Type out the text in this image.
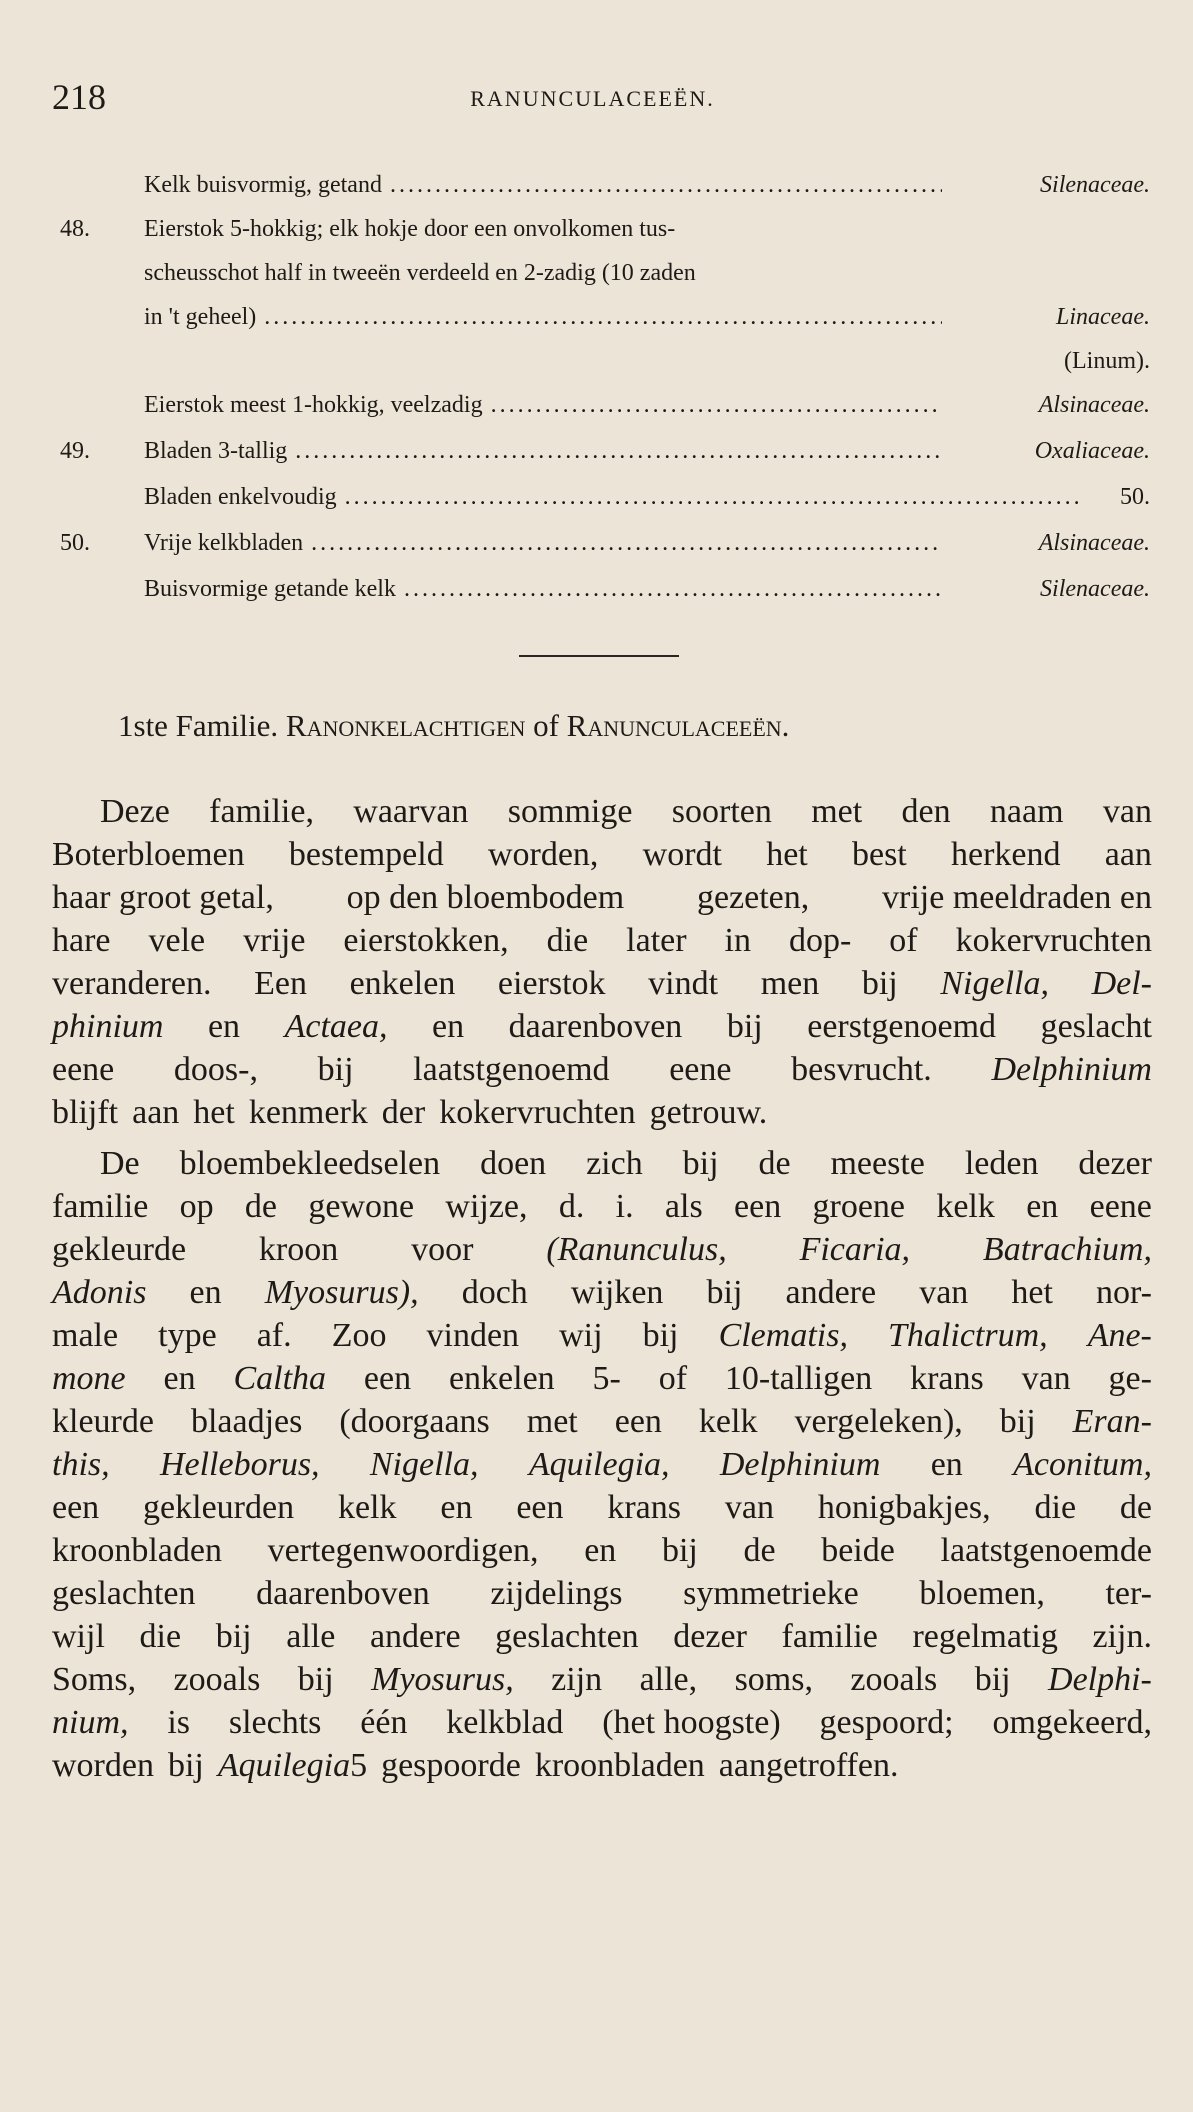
218	RANUNCULACEEËN.
Kelk buisvormig, getand .....	Silenaceae.
48.	Eierstok 5-hokkig; elk hokje door een onvolkomen tus-
scheusschot half in tweeën verdeeld en 2-zadig (10 zaden
in 't geheel) .....	Linaceae.
(Linum).
Eierstok meest 1-hokkig, veelzadig .....	Alsinaceae.
49.	Bladen 3-tallig .....	Oxaliaceae.
Bladen enkelvoudig .....	50.
50.	Vrije kelkbladen .....	Alsinaceae.
Buisvormige getande kelk .....	Silenaceae.
1ste Familie. Ranonkelachtigen of Ranunculaceeën.
Deze familie, waarvan sommige soorten met den naam van
Boterbloemen bestempeld worden, wordt het best herkend aan
haar groot getal, op den bloembodem gezeten, vrije meeldraden en
hare vele vrije eierstokken, die later in dop- of kokervruchten
veranderen. Een enkelen eierstok vindt men bij Nigella, Del-
phinium en Actaea, en daarenboven bij eerstgenoemd geslacht
eene doos-, bij laatstgenoemd eene besvrucht. Delphinium
blijft aan het kenmerk der kokervruchten getrouw.
De bloembekleedselen doen zich bij de meeste leden dezer
familie op de gewone wijze, d. i. als een groene kelk en eene
gekleurde kroon voor (Ranunculus, Ficaria, Batrachium,
Adonis en Myosurus), doch wijken bij andere van het nor-
male type af. Zoo vinden wij bij Clematis, Thalictrum, Ane-
mone en Caltha een enkelen 5- of 10-talligen krans van ge-
kleurde blaadjes (doorgaans met een kelk vergeleken), bij Eran-
this, Helleborus, Nigella, Aquilegia, Delphinium en Aconitum,
een gekleurden kelk en een krans van honigbakjes, die de
kroonbladen vertegenwoordigen, en bij de beide laatstgenoemde
geslachten daarenboven zijdelings symmetrieke bloemen, ter-
wijl die bij alle andere geslachten dezer familie regelmatig zijn.
Soms, zooals bij Myosurus, zijn alle, soms, zooals bij Delphi-
nium, is slechts één kelkblad (het hoogste) gespoord; omgekeerd,
worden bij Aquilegia 5 gespoorde kroonbladen aangetroffen.
